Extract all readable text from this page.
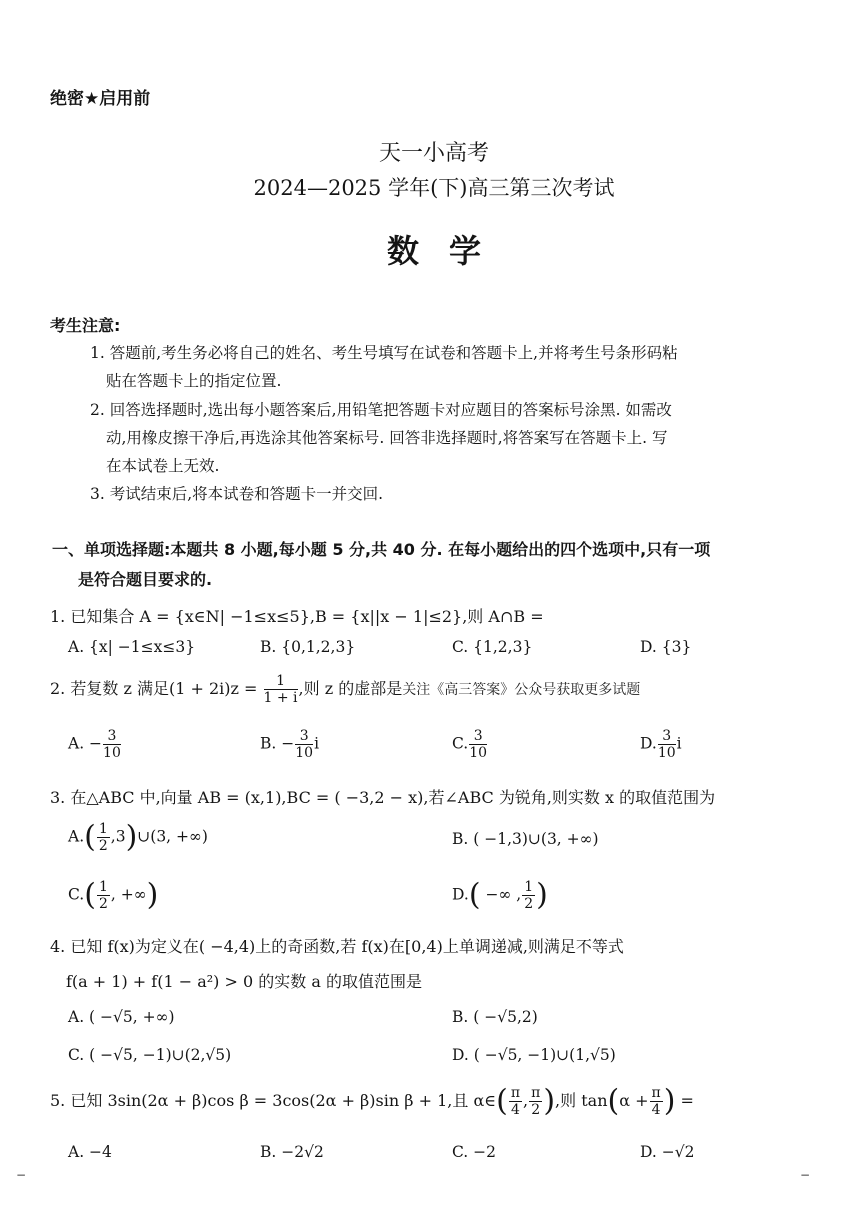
绝密★启用前
天一小高考
2024—2025 学年(下)高三第三次考试
数学
考生注意:
1. 答题前,考生务必将自己的姓名、考生号填写在试卷和答题卡上,并将考生号条形码粘
贴在答题卡上的指定位置.
2. 回答选择题时,选出每小题答案后,用铅笔把答题卡对应题目的答案标号涂黑. 如需改
动,用橡皮擦干净后,再选涂其他答案标号. 回答非选择题时,将答案写在答题卡上. 写
在本试卷上无效.
3. 考试结束后,将本试卷和答题卡一并交回.
一、单项选择题:本题共 8 小题,每小题 5 分,共 40 分. 在每小题给出的四个选项中,只有一项
是符合题目要求的.
1. 已知集合 A = {x∈N| −1≤x≤5},B = {x||x − 1|≤2},则 A∩B =
A. {x| −1≤x≤3}	B. {0,1,2,3}	C. {1,2,3}	D. {3}
2. 若复数 z 满足$(1 + 2i)z = \frac{1}{1 + i}$ ,则 z 的虚部是关注《高三答案》公众号获取更多试题
A. − $\frac{3}{10}$	B. − $\frac{3}{10}$ i	C. $\frac{3}{10}$	D. $\frac{3}{10}$ i
3. 在△ABC 中,向量 AB = (x,1),BC = ( −3,2 − x),若∠ABC 为锐角,则实数 x 的取值范围为
$A.( \frac{1}{2}$ ,3)∪(3, +∞)	B. ( −1,3)∪(3, +∞)
$C.( \frac{1}{2}$ , +∞)	D.( −∞ , $\frac{1}{2}$ )
4. 已知 f(x)为定义在( −4,4)上的奇函数,若 f(x)在[0,4)上单调递减,则满足不等式
f(a + 1) + f(1 − a²) > 0 的实数 a 的取值范围是
A. ( −√5, +∞)	B. ( −√5,2)
C. ( −√5, −1)∪(2,√5)	D. ( −√5, −1)∪(1,√5)
5. 已知 3sin(2α + β)cos β = 3cos(2α + β)sin β + 1,且 α∈( $\frac{\pi}{4}$ , $\frac{\pi}{2}$ ),则 $\tan(\alpha + \frac{\pi}{4}$ ) =
A. −4	B. −2√2	C. −2	D. −√2
−	−
